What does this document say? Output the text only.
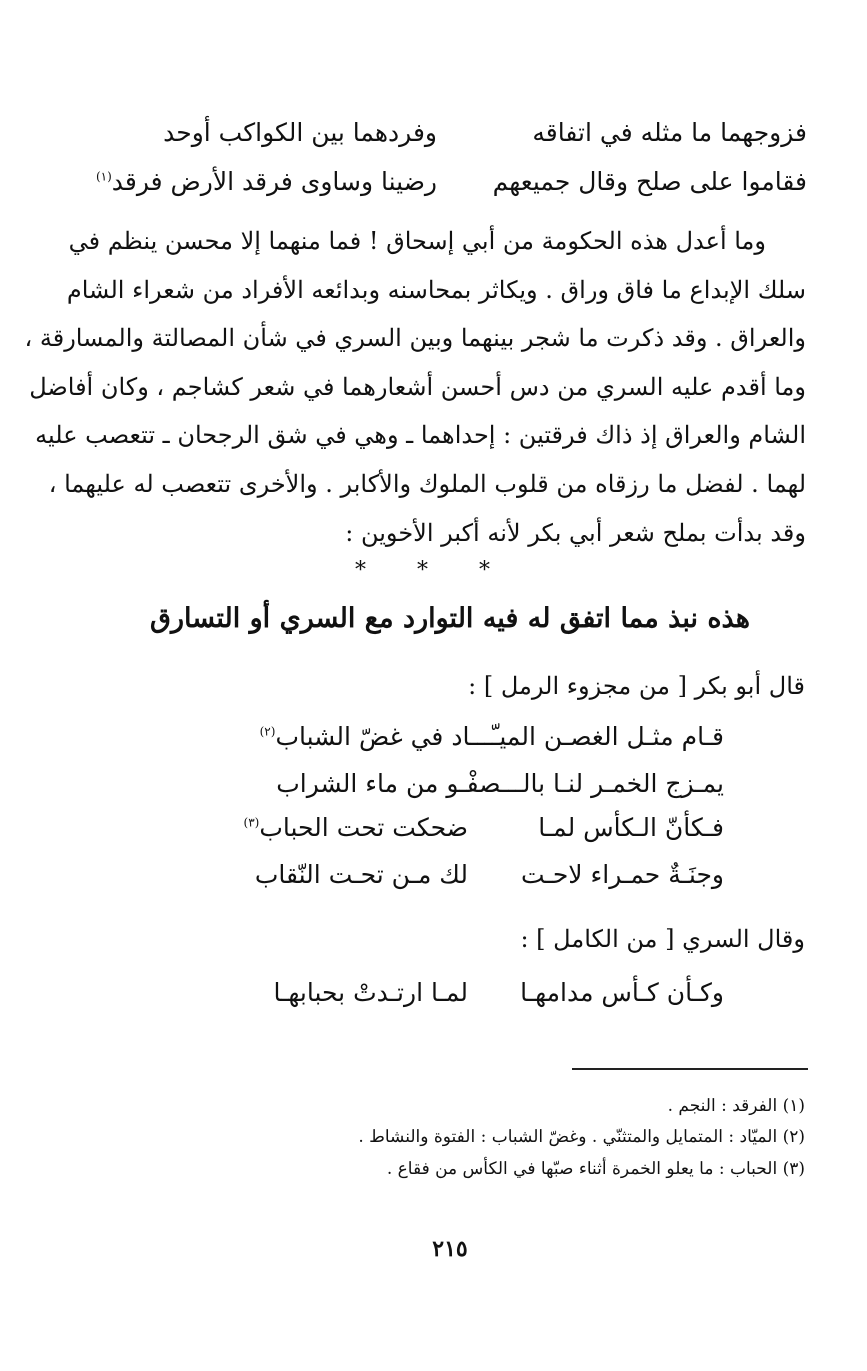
فزوجهما ما مثله في اتفاقه
وفردهما بين الكواكب أوحد
فقاموا على صلح وقال جميعهم
رضينا وساوى فرقد الأرض فرقد$^{(١)}$
وما أعدل هذه الحكومة من أبي إسحاق ! فما منهما إلا محسن ينظم في
سلك الإبداع ما فاق وراق . ويكاثر بمحاسنه وبدائعه الأفراد من شعراء الشام
والعراق . وقد ذكرت ما شجر بينهما وبين السري في شأن المصالتة والمسارقة ،
وما أقدم عليه السري من دس أحسن أشعارهما في شعر كشاجم ، وكان أفاضل
الشام والعراق إذ ذاك فرقتين : إحداهما ـ وهي في شق الرجحان ـ تتعصب عليه
لهما . لفضل ما رزقاه من قلوب الملوك والأكابر . والأخرى تتعصب له عليهما ،
وقد بدأت بملح شعر أبي بكر لأنه أكبر الأخوين :
* * *
هذه نبذ مما اتفق له فيه التوارد مع السري أو التسارق
قال أبو بكر [ من مجزوء الرمل ] :
قـام مثـل الغصـن الميـّـــاد في غضّ الشباب$^{(٢)}$
يمـزج الخمـر لنـا بالـــصفْـو من ماء الشراب
فـكأنّ الـكأس لمـا
ضحكت تحت الحباب$^{(٣)}$
وجنَـةٌ حمـراء لاحـت
لك مـن تحـت النّقاب
وقال السري [ من الكامل ] :
وكـأن كـأس مدامهـا
لمـا ارتـدتْ بحبابهـا
(١) الفرقد : النجم .
(٢) الميّاد : المتمايل والمتثنّي . وغضّ الشباب : الفتوة والنشاط .
(٣) الحباب : ما يعلو الخمرة أثناء صبّها في الكأس من فقاع .
٢١٥
